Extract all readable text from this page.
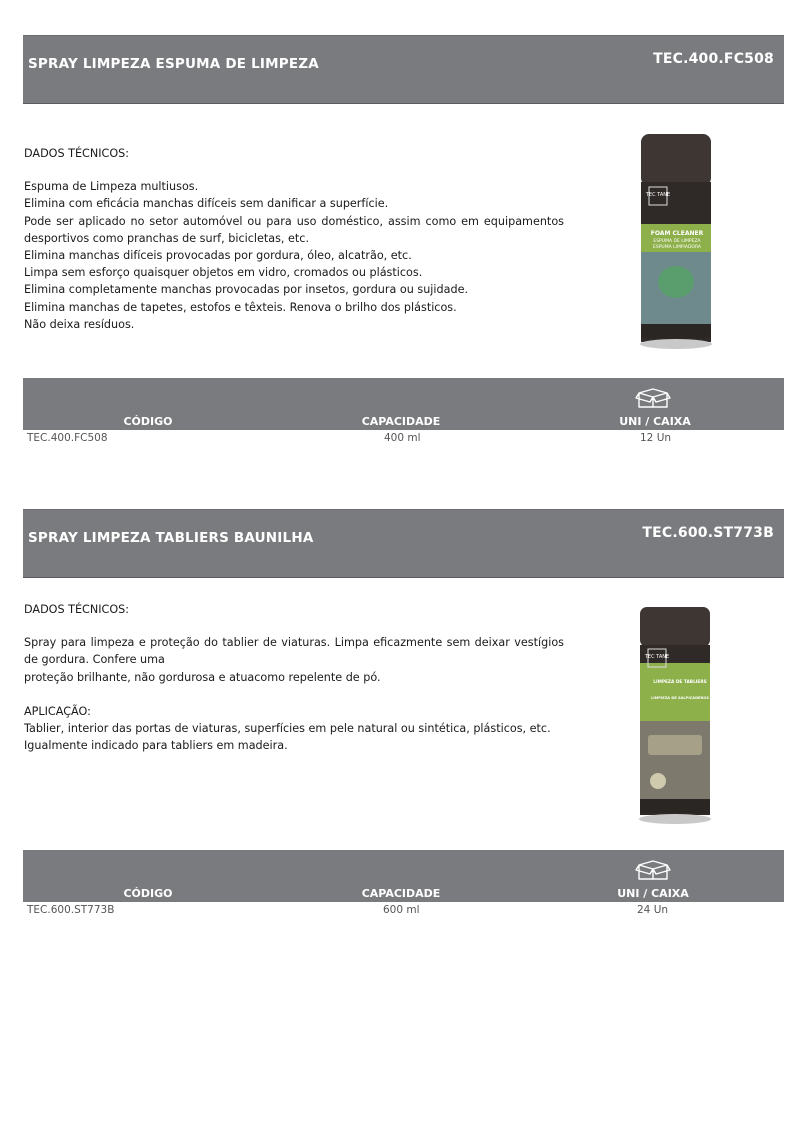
SPRAY LIMPEZA ESPUMA DE LIMPEZA	TEC.400.FC508

DADOS TÉCNICOS:

Espuma de Limpeza multiusos.

Elimina com eficácia manchas difíceis sem danificar a superfície.

Pode ser aplicado no setor automóvel ou para uso doméstico, assim como em equipamentos desportivos como pranchas de surf, bicicletas, etc.

Elimina manchas difíceis provocadas por gordura, óleo, alcatrão, etc.

Limpa sem esforço quaisquer objetos em vidro, cromados ou plásticos.

Elimina completamente manchas provocadas por insetos, gordura ou sujidade.

Elimina manchas de tapetes, estofos e têxteis. Renova o brilho dos plásticos.

Não deixa resíduos.

TEC TANE
FOAM CLEANER
ESPUMA DE LIMPEZA
ESPUMA LIMPIADORA
CÓDIGO	CAPACIDADE	UNI / CAIXA
TEC.400.FC508	400 ml	12 Un
SPRAY LIMPEZA TABLIERS BAUNILHA	TEC.600.ST773B

DADOS TÉCNICOS:

Spray para limpeza e proteção do tablier de viaturas. Limpa eficazmente sem deixar vestígios de gordura. Confere uma

proteção brilhante, não gordurosa e atuacomo repelente de pó.

APLICAÇÃO:

Tablier, interior das portas de viaturas, superfícies em pele natural ou sintética, plásticos, etc.

Igualmente indicado para tabliers em madeira.

TEC TANE
LIMPEZA DE TABLIERS
LIMPIEZA DE SALPICADEROS
CÓDIGO	CAPACIDADE	UNI / CAIXA
TEC.600.ST773B	600 ml	24 Un
